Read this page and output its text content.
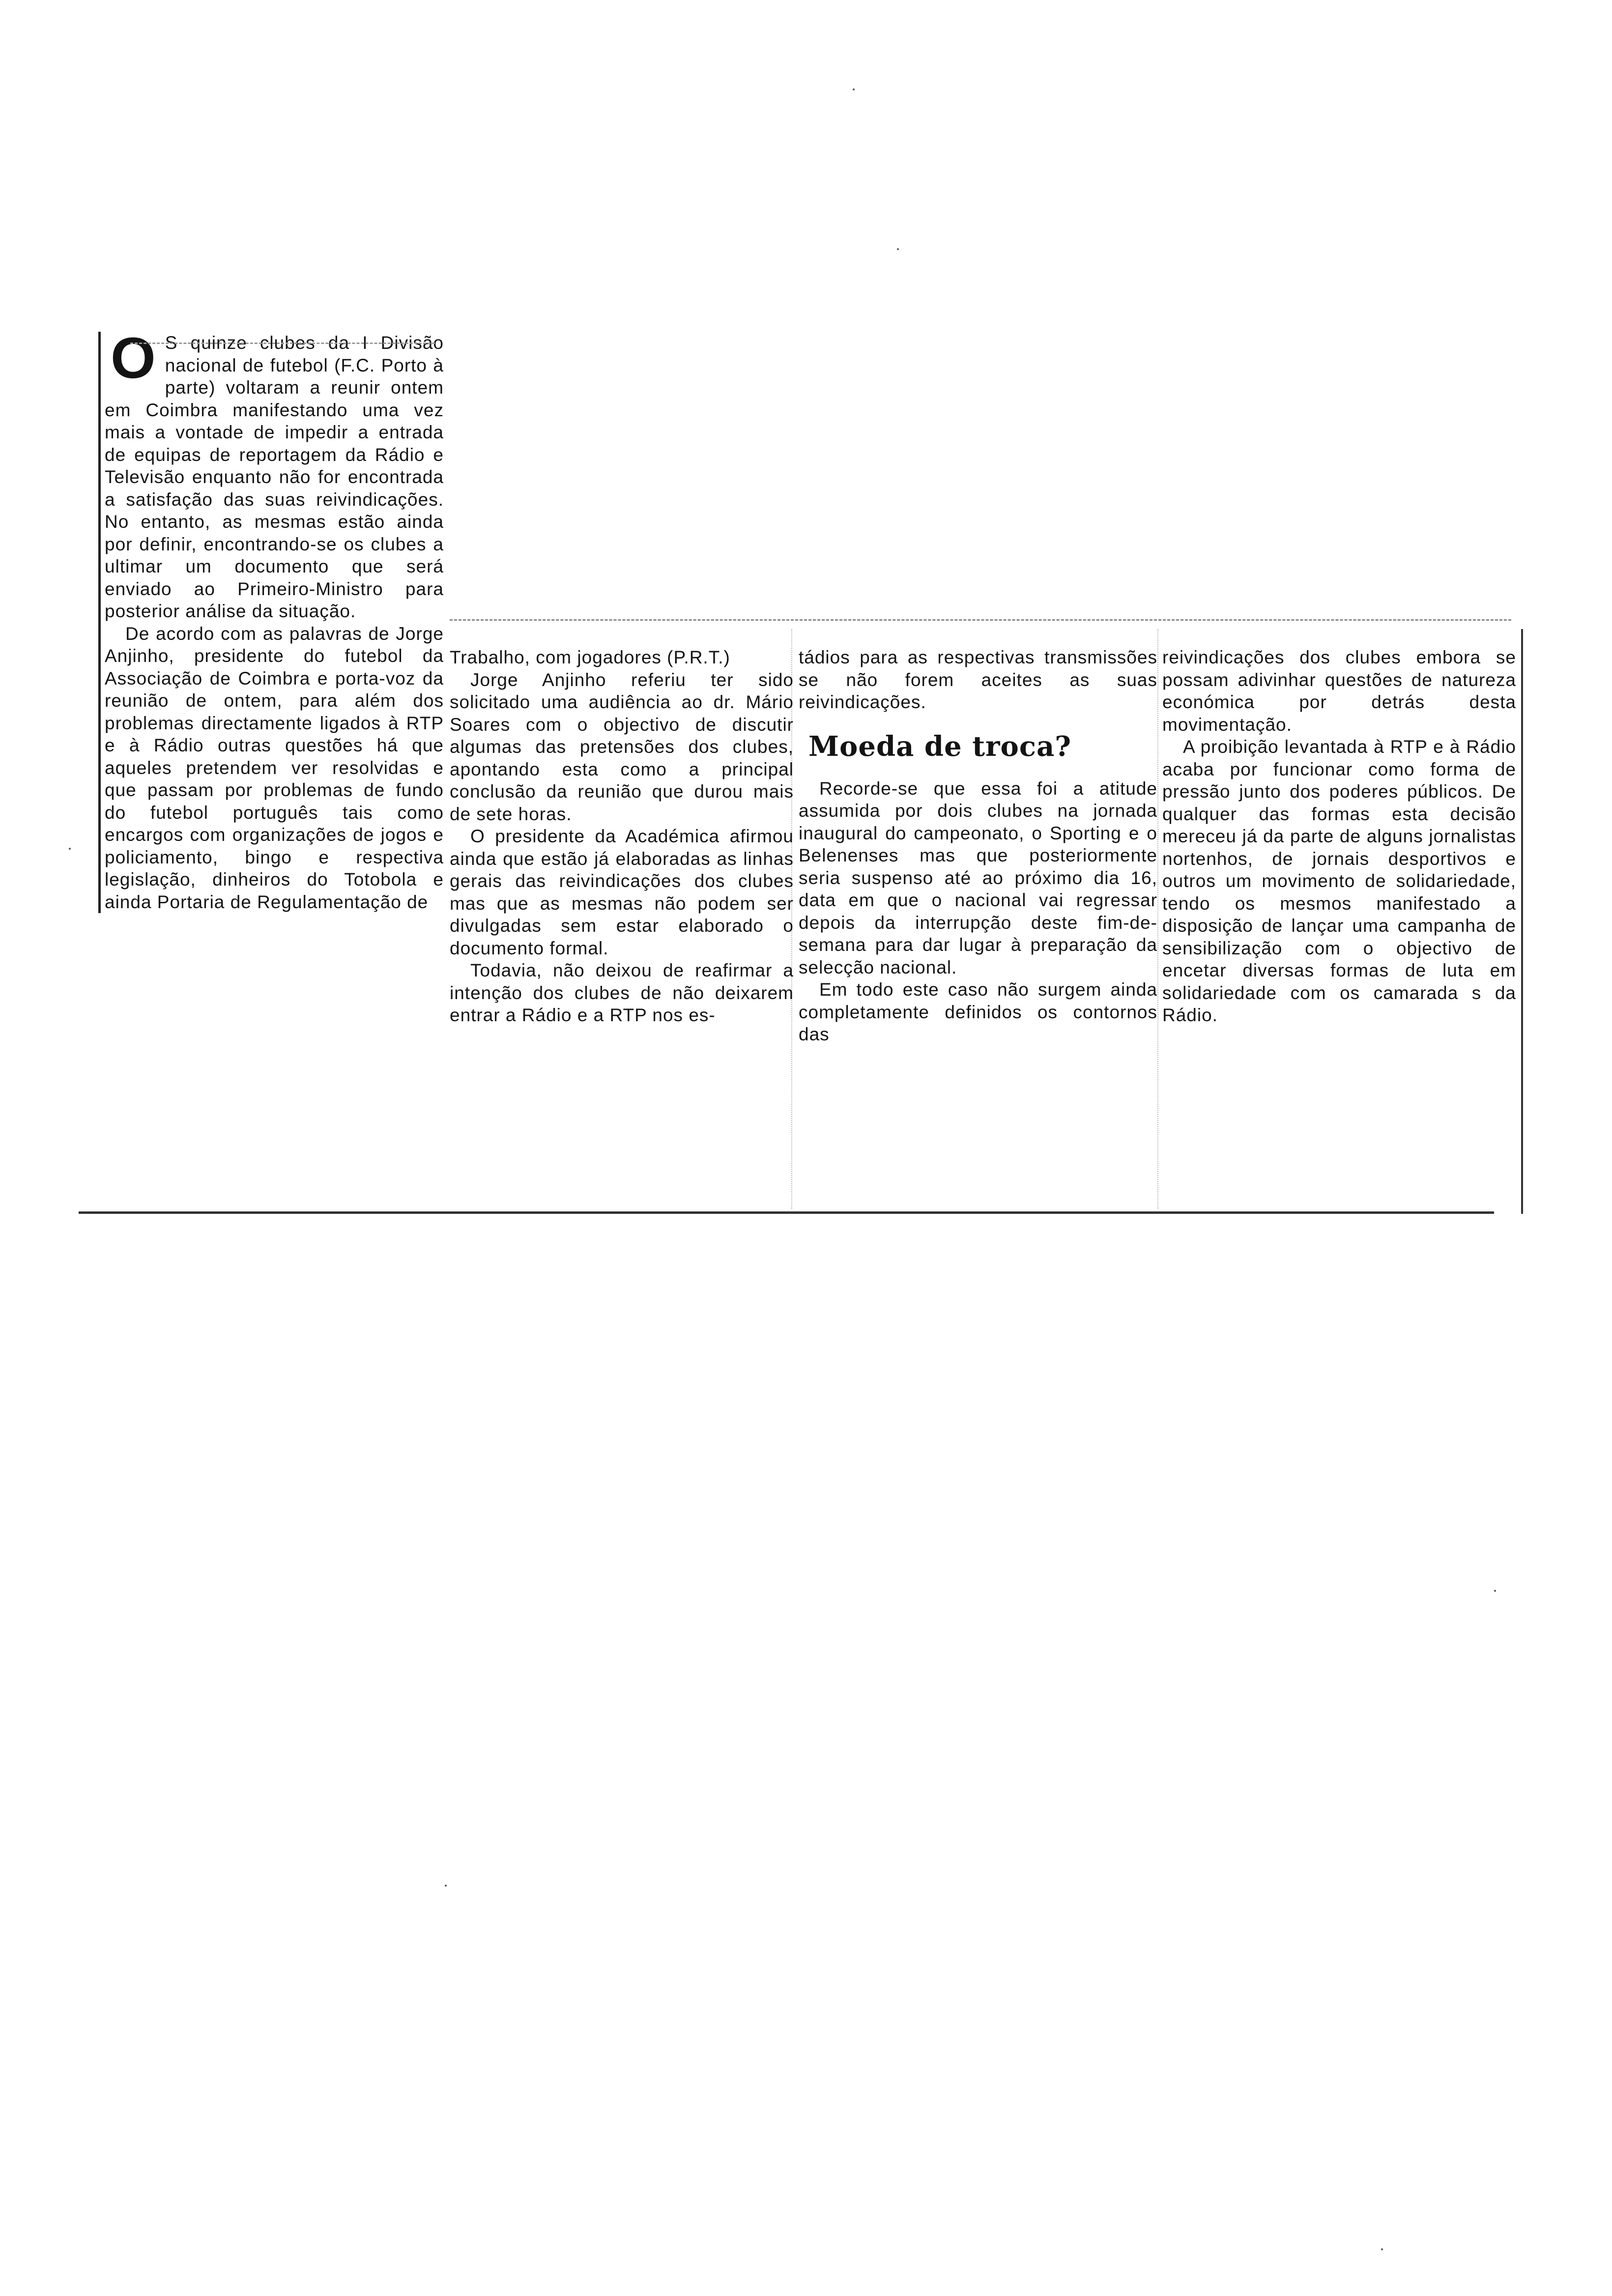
O S quinze clubes da I Divisão nacional de futebol (F.C. Porto à parte) voltaram a reunir ontem em Coimbra manifestando uma vez mais a vontade de impedir a entrada de equipas de reportagem da Rádio e Televisão enquanto não for encontrada a satisfação das suas reivindicações. No entanto, as mesmas estão ainda por definir, encontrando-se os clubes a ultimar um documento que será enviado ao Primeiro-Ministro para posterior análise da situação.

De acordo com as palavras de Jorge Anjinho, presidente do futebol da Associação de Coimbra e porta-voz da reunião de ontem, para além dos problemas directamente ligados à RTP e à Rádio outras questões há que aqueles pretendem ver resolvidas e que passam por problemas de fundo do futebol português tais como encargos com organizações de jogos e policiamento, bingo e respectiva legislação, dinheiros do Totobola e ainda Portaria de Regulamentação de

Trabalho, com jogadores (P.R.T.)

Jorge Anjinho referiu ter sido solicitado uma audiência ao dr. Mário Soares com o objectivo de discutir algumas das pretensões dos clubes, apontando esta como a principal conclusão da reunião que durou mais de sete horas.

O presidente da Académica afirmou ainda que estão já elaboradas as linhas gerais das reivindicações dos clubes mas que as mesmas não podem ser divulgadas sem estar elaborado o documento formal.

Todavia, não deixou de reafirmar a intenção dos clubes de não deixarem entrar a Rádio e a RTP nos es-

tádios para as respectivas transmissões se não forem aceites as suas reivindicações.

Moeda de troca?

Recorde-se que essa foi a atitude assumida por dois clubes na jornada inaugural do campeonato, o Sporting e o Belenenses mas que posteriormente seria suspenso até ao próximo dia 16, data em que o nacional vai regressar depois da interrupção deste fim-de-semana para dar lugar à preparação da selecção nacional.

Em todo este caso não surgem ainda completamente definidos os contornos das

reivindicações dos clubes embora se possam adivinhar questões de natureza económica por detrás desta movimentação.

A proibição levantada à RTP e à Rádio acaba por funcionar como forma de pressão junto dos poderes públicos. De qualquer das formas esta decisão mereceu já da parte de alguns jornalistas nortenhos, de jornais desportivos e outros um movimento de solidariedade, tendo os mesmos manifestado a disposição de lançar uma campanha de sensibilização com o objectivo de encetar diversas formas de luta em solidariedade com os camarada s da Rádio.
